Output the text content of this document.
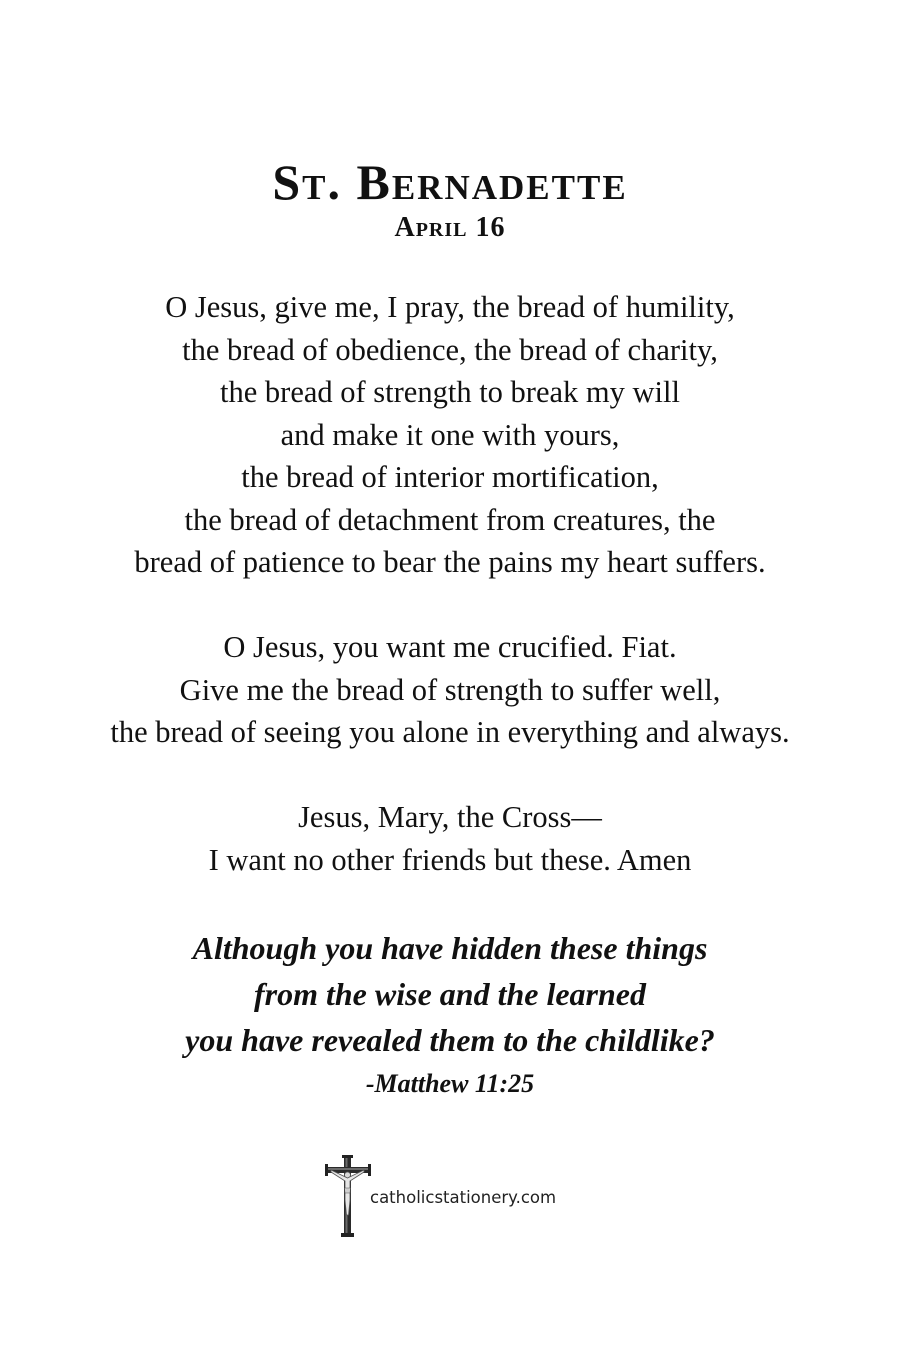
St. Bernadette
April 16
O Jesus, give me, I pray, the bread of humility,
the bread of obedience, the bread of charity,
the bread of strength to break my will
and make it one with yours,
the bread of interior mortification,
the bread of detachment from creatures, the
bread of patience to bear the pains my heart suffers.
O Jesus, you want me crucified. Fiat.
Give me the bread of strength to suffer well,
the bread of seeing you alone in everything and always.
Jesus, Mary, the Cross—
I want no other friends but these. Amen
Although you have hidden these things
from the wise and the learned
you have revealed them to the childlike?
-Matthew 11:25
catholicstationery.com
